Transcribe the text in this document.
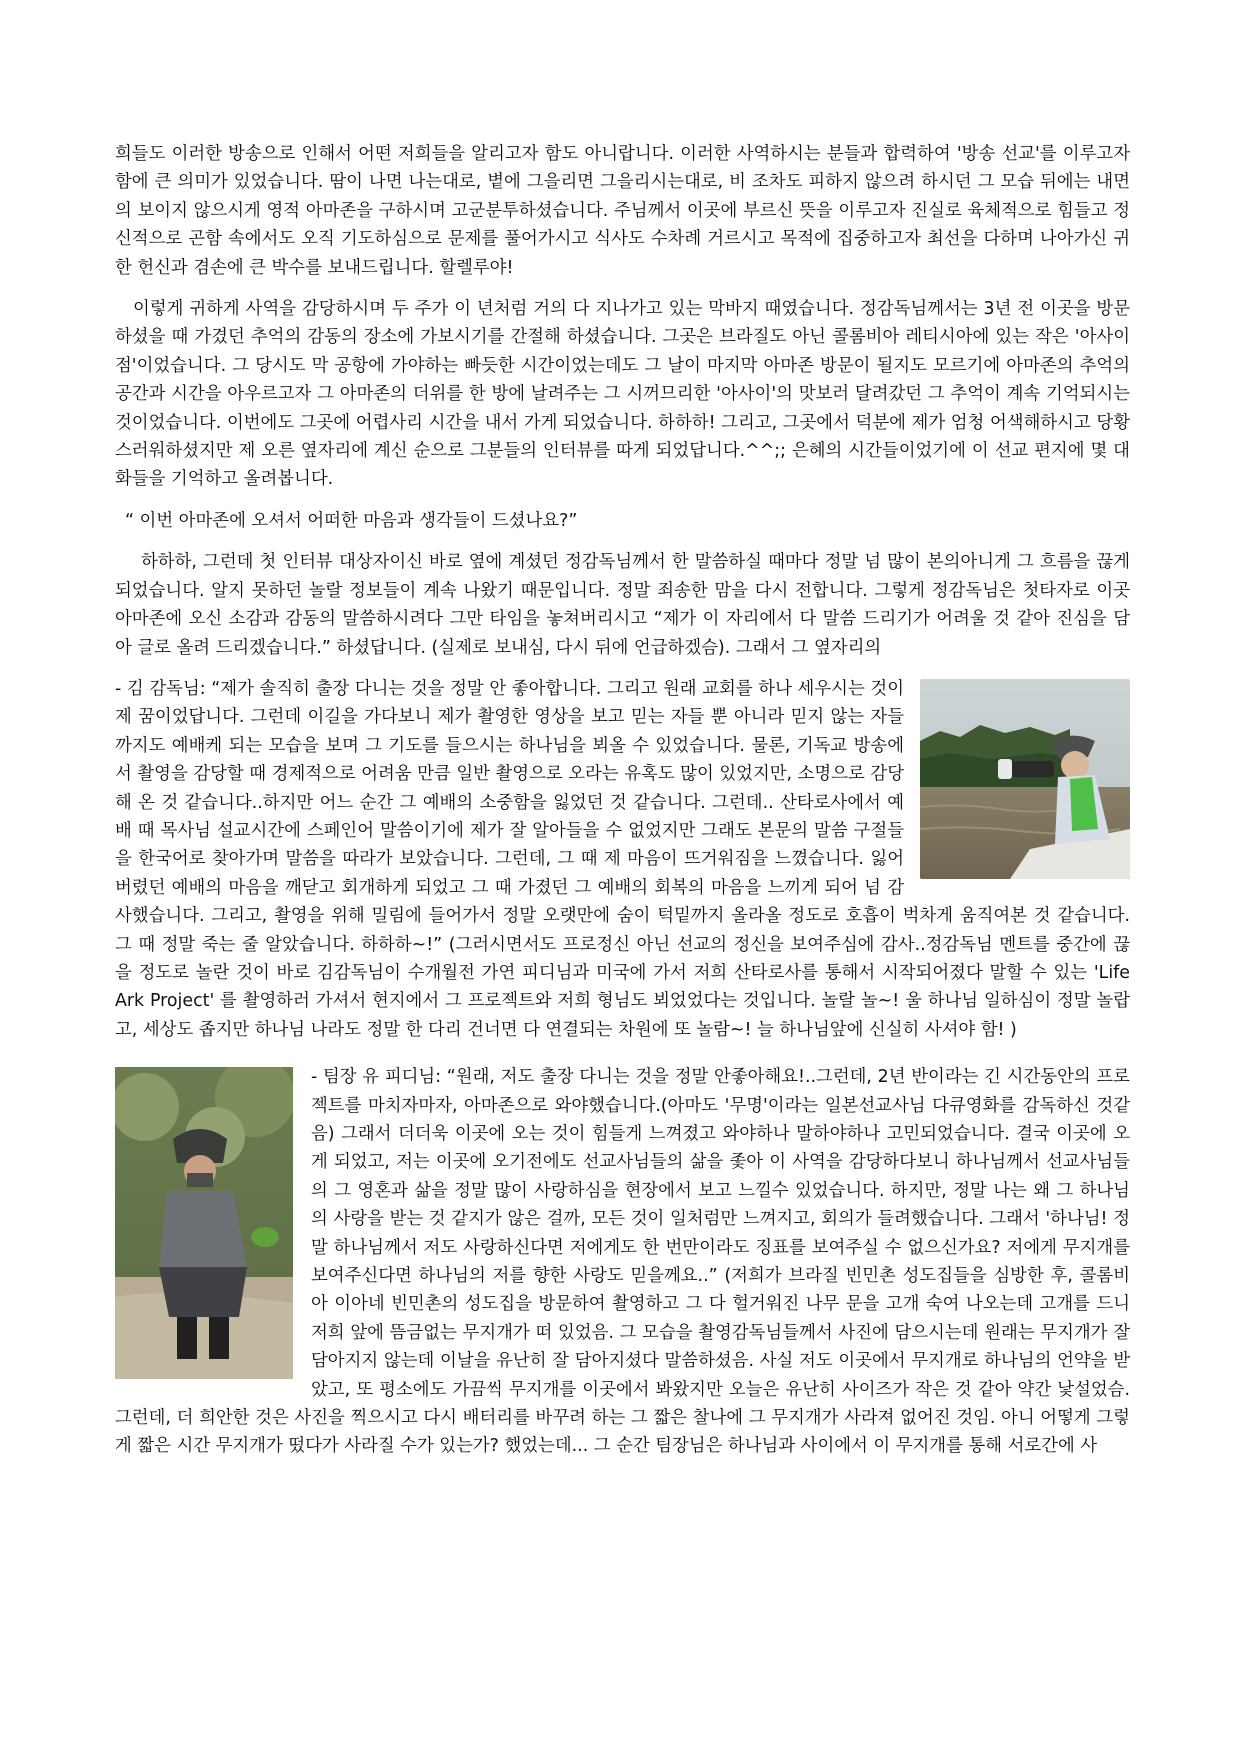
희들도 이러한 방송으로 인해서 어떤 저희들을 알리고자 함도 아니랍니다. 이러한 사역하시는 분들과 합력하여 '방송 선교'를 이루고자 함에 큰 의미가 있었습니다. 땀이 나면 나는대로, 볕에 그을리면 그을리시는대로, 비 조차도 피하지 않으려 하시던 그 모습 뒤에는 내면의 보이지 않으시게 영적 아마존을 구하시며 고군분투하셨습니다. 주님께서 이곳에 부르신 뜻을 이루고자 진실로 육체적으로 힘들고 정신적으로 곤함 속에서도 오직 기도하심으로 문제를 풀어가시고 식사도 수차례 거르시고 목적에 집중하고자 최선을 다하며 나아가신 귀한 헌신과 겸손에 큰 박수를 보내드립니다. 할렐루야!

이렇게 귀하게 사역을 감당하시며 두 주가 이 년처럼 거의 다 지나가고 있는 막바지 때였습니다. 정감독님께서는 3년 전 이곳을 방문하셨을 때 가겼던 추억의 감동의 장소에 가보시기를 간절해 하셨습니다. 그곳은 브라질도 아닌 콜롬비아 레티시아에 있는 작은 '아사이 점'이었습니다. 그 당시도 막 공항에 가야하는 빠듯한 시간이었는데도 그 날이 마지막 아마존 방문이 될지도 모르기에 아마존의 추억의 공간과 시간을 아우르고자 그 아마존의 더위를 한 방에 날려주는 그 시꺼므리한 '아사이'의 맛보러 달려갔던 그 추억이 계속 기억되시는 것이었습니다. 이번에도 그곳에 어렵사리 시간을 내서 가게 되었습니다. 하하하! 그리고, 그곳에서 덕분에 제가 엄청 어색해하시고 당황스러워하셨지만 제 오른 옆자리에 계신 순으로 그분들의 인터뷰를 따게 되었답니다.^^;; 은혜의 시간들이었기에 이 선교 편지에 몇 대화들을 기억하고 올려봅니다.

“ 이번 아마존에 오셔서 어떠한 마음과 생각들이 드셨나요?”

하하하, 그런데 첫 인터뷰 대상자이신 바로 옆에 계셨던 정감독님께서 한 말씀하실 때마다 정말 넘 많이 본의아니게 그 흐름을 끊게 되었습니다. 알지 못하던 놀랄 정보들이 계속 나왔기 때문입니다. 정말 죄송한 맘을 다시 전합니다. 그렇게 정감독님은 첫타자로 이곳 아마존에 오신 소감과 감동의 말씀하시려다 그만 타임을 놓쳐버리시고 “제가 이 자리에서 다 말씀 드리기가 어려울 것 같아 진심을 담아 글로 올려 드리겠습니다.” 하셨답니다. (실제로 보내심, 다시 뒤에 언급하겠슴). 그래서 그 옆자리의

- 김 감독님: “제가 솔직히 출장 다니는 것을 정말 안 좋아합니다. 그리고 원래 교회를 하나 세우시는 것이 제 꿈이었답니다. 그런데 이길을 가다보니 제가 촬영한 영상을 보고 믿는 자들 뿐 아니라 믿지 않는 자들까지도 예배케 되는 모습을 보며 그 기도를 들으시는 하나님을 뵈올 수 있었습니다. 물론, 기독교 방송에서 촬영을 감당할 때 경제적으로 어려움 만큼 일반 촬영으로 오라는 유혹도 많이 있었지만, 소명으로 감당해 온 것 같습니다..하지만 어느 순간 그 예배의 소중함을 잃었던 것 같습니다. 그런데.. 산타로사에서 예배 때 목사님 설교시간에 스페인어 말씀이기에 제가 잘 알아들을 수 없었지만 그래도 본문의 말씀 구절들을 한국어로 찾아가며 말씀을 따라가 보았습니다. 그런데, 그 때 제 마음이 뜨거워짐을 느꼈습니다. 잃어버렸던 예배의 마음을 깨닫고 회개하게 되었고 그 때 가졌던 그 예배의 회복의 마음을 느끼게 되어 넘 감사했습니다. 그리고, 촬영을 위해 밀림에 들어가서 정말 오랫만에 숨이 턱밑까지 올라올 정도로 호흡이 벅차게 움직여본 것 같습니다. 그 때 정말 죽는 줄 알았습니다. 하하하~!” (그러시면서도 프로정신 아닌 선교의 정신을 보여주심에 감사..정감독님 멘트를 중간에 끊을 정도로 놀란 것이 바로 김감독님이 수개월전 가연 피디님과 미국에 가서 저희 산타로사를 통해서 시작되어졌다 말할 수 있는 'Life Ark Project' 를 촬영하러 가셔서 현지에서 그 프로젝트와 저희 형님도 뵈었었다는 것입니다. 놀랄 놀~! 울 하나님 일하심이 정말 놀랍고, 세상도 좁지만 하나님 나라도 정말 한 다리 건너면 다 연결되는 차원에 또 놀람~! 늘 하나님앞에 신실히 사셔야 함! )
- 팀장 유 피디님: “원래, 저도 출장 다니는 것을 정말 안좋아해요!..그런데, 2년 반이라는 긴 시간동안의 프로젝트를 마치자마자, 아마존으로 와야했습니다.(아마도 '무명'이라는 일본선교사님 다큐영화를 감독하신 것같음) 그래서 더더욱 이곳에 오는 것이 힘들게 느껴졌고 와야하나 말하야하나 고민되었습니다. 결국 이곳에 오게 되었고, 저는 이곳에 오기전에도 선교사님들의 삶을 좇아 이 사역을 감당하다보니 하나님께서 선교사님들의 그 영혼과 삶을 정말 많이 사랑하심을 현장에서 보고 느낄수 있었습니다. 하지만, 정말 나는 왜 그 하나님의 사랑을 받는 것 같지가 않은 걸까, 모든 것이 일처럼만 느껴지고, 회의가 들려했습니다. 그래서 '하나님! 정말 하나님께서 저도 사랑하신다면 저에게도 한 번만이라도 징표를 보여주실 수 없으신가요? 저에게 무지개를 보여주신다면 하나님의 저를 향한 사랑도 믿을께요..” (저희가 브라질 빈민촌 성도집들을 심방한 후, 콜롬비아 이아네 빈민촌의 성도집을 방문하여 촬영하고 그 다 헐거워진 나무 문을 고개 숙여 나오는데 고개를 드니 저희 앞에 뜸금없는 무지개가 떠 있었음. 그 모습을 촬영감독님들께서 사진에 담으시는데 원래는 무지개가 잘 담아지지 않는데 이날을 유난히 잘 담아지셨다 말씀하셨음. 사실 저도 이곳에서 무지개로 하나님의 언약을 받았고, 또 평소에도 가끔씩 무지개를 이곳에서 봐왔지만 오늘은 유난히 사이즈가 작은 것 같아 약간 낯설었슴. 그런데, 더 희안한 것은 사진을 찍으시고 다시 배터리를 바꾸려 하는 그 짧은 찰나에 그 무지개가 사라져 없어진 것임. 아니 어떻게 그렇게 짧은 시간 무지개가 떴다가 사라질 수가 있는가? 했었는데... 그 순간 팀장님은 하나님과 사이에서 이 무지개를 통해 서로간에 사
